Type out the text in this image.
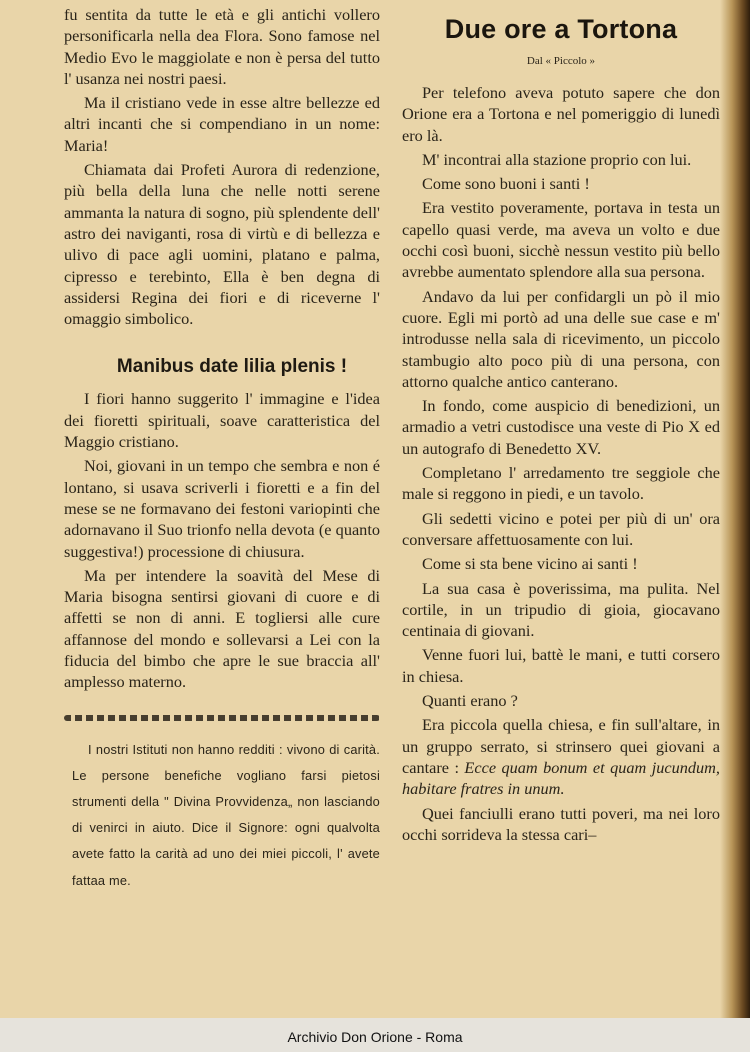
fu sentita da tutte le età e gli antichi vollero personificarla nella dea Flora. Sono famose nel Medio Evo le maggiolate e non è persa del tutto l' usanza nei nostri paesi.

Ma il cristiano vede in esse altre bellezze ed altri incanti che si compendiano in un nome: Maria!

Chiamata dai Profeti Aurora di redenzione, più bella della luna che nelle notti serene ammanta la natura di sogno, più splendente dell' astro dei naviganti, rosa di virtù e di bellezza e ulivo di pace agli uomini, platano e palma, cipresso e terebinto, Ella è ben degna di assidersi Regina dei fiori e di riceverne l' omaggio simbolico.

Manibus date lilia plenis !

I fiori hanno suggerito l' immagine e l'idea dei fioretti spirituali, soave caratteristica del Maggio cristiano.

Noi, giovani in un tempo che sembra e non é lontano, si usava scriverli i fioretti e a fin del mese se ne formavano dei festoni variopinti che adornavano il Suo trionfo nella devota (e quanto suggestiva!) processione di chiusura.

Ma per intendere la soavità del Mese di Maria bisogna sentirsi giovani di cuore e di affetti se non di anni. E togliersi alle cure affannose del mondo e sollevarsi a Lei con la fiducia del bimbo che apre le sue braccia all' amplesso materno.

I nostri Istituti non hanno redditi : vivono di carità. Le persone benefiche vogliano farsi pietosi strumenti della " Divina Provvidenza„ non lasciando di venirci in aiuto. Dice il Signore: ogni qualvolta avete fatto la carità ad uno dei miei piccoli, l' avete fattaa me.

Due ore a Tortona
Dal « Piccolo »

Per telefono aveva potuto sapere che don Orione era a Tortona e nel pomeriggio di lunedì ero là.

M' incontrai alla stazione proprio con lui.

Come sono buoni i santi !

Era vestito poveramente, portava in testa un capello quasi verde, ma aveva un volto e due occhi così buoni, sicchè nessun vestito più bello avrebbe aumentato splendore alla sua persona.

Andavo da lui per confidargli un pò il mio cuore. Egli mi portò ad una delle sue case e m' introdusse nella sala di ricevimento, un piccolo stambugio alto poco più di una persona, con attorno qualche antico canterano.

In fondo, come auspicio di benedizioni, un armadio a vetri custodisce una veste di Pio X ed un autografo di Benedetto XV.

Completano l' arredamento tre seggiole che male si reggono in piedi, e un tavolo.

Gli sedetti vicino e potei per più di un' ora conversare affettuosamente con lui.

Come si sta bene vicino ai santi !

La sua casa è poverissima, ma pulita. Nel cortile, in un tripudio di gioia, giocavano centinaia di giovani.

Venne fuori lui, battè le mani, e tutti corsero in chiesa.

Quanti erano ?

Era piccola quella chiesa, e fin sull'altare, in un gruppo serrato, si strinsero quei giovani a cantare : Ecce quam bonum et quam jucundum, habitare fratres in unum.

Quei fanciulli erano tutti poveri, ma nei loro occhi sorrideva la stessa cari–

Archivio Don Orione - Roma
